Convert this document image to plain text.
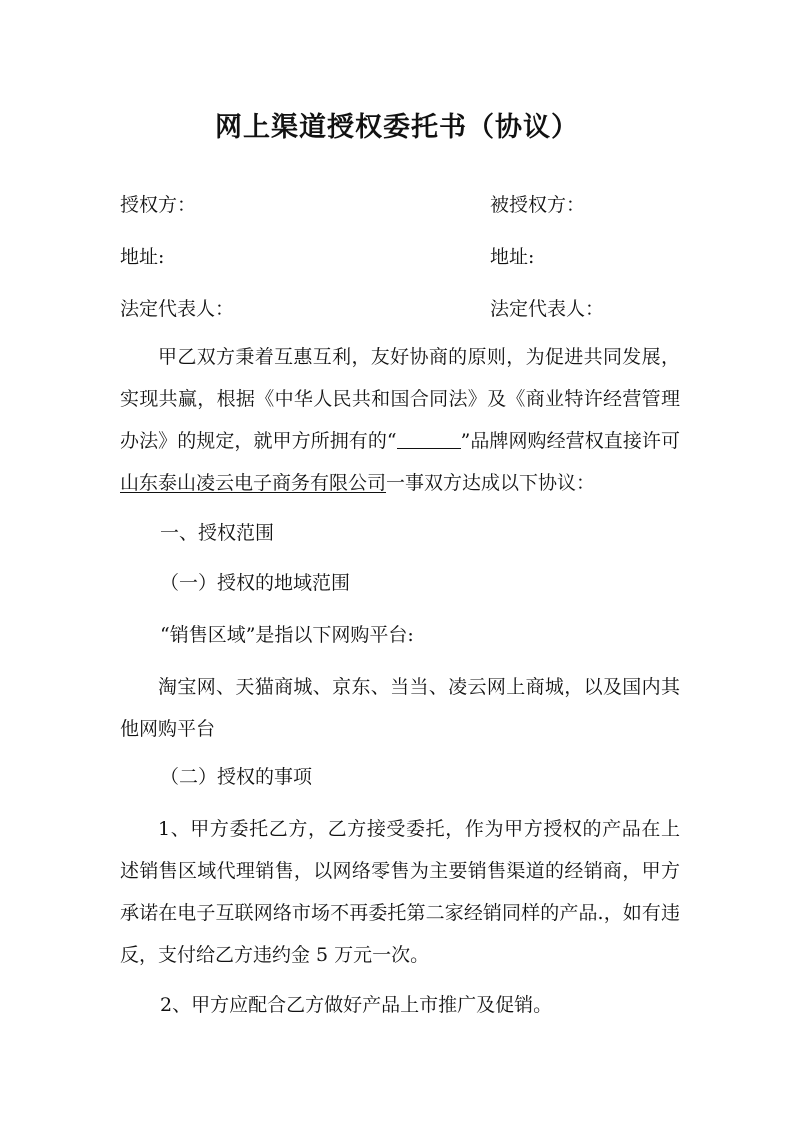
网上渠道授权委托书（协议）
授权方：	被授权方：
地址:	地址:
法定代表人：	法定代表人：

甲乙双方秉着互惠互利，友好协商的原则，为促进共同发展，实现共赢，根据《中华人民共和国合同法》及《商业特许经营管理办法》的规定，就甲方所拥有的“	”品牌网购经营权直接许可山东泰山凌云电子商务有限公司一事双方达成以下协议：

一、授权范围
（一）授权的地域范围
“销售区域”是指以下网购平台:

淘宝网、天猫商城、京东、当当、凌云网上商城，以及国内其他网购平台

（二）授权的事项

1、甲方委托乙方，乙方接受委托，作为甲方授权的产品在上述销售区域代理销售，以网络零售为主要销售渠道的经销商，甲方承诺在电子互联网络市场不再委托第二家经销同样的产品.，如有违反，支付给乙方违约金 5 万元一次。

2、甲方应配合乙方做好产品上市推广及促销。
